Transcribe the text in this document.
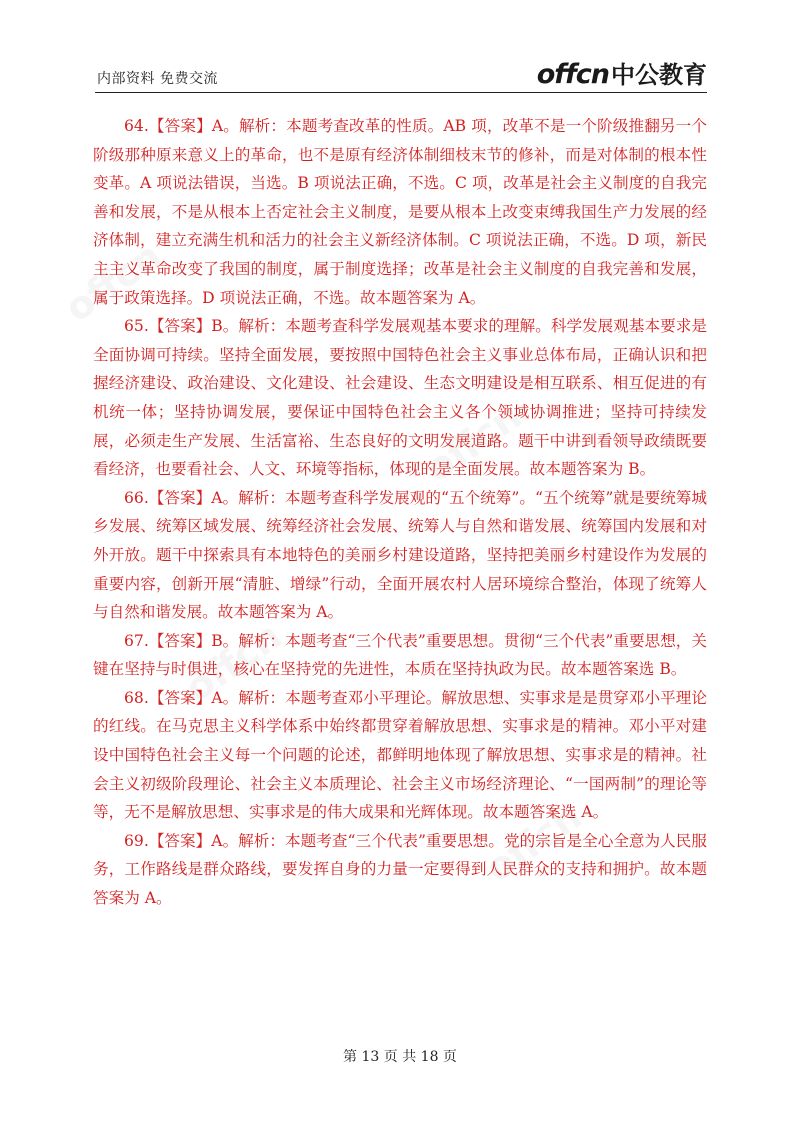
offcn
offcn
offcn
offcn
内部资料 免费交流	offcn 中公教育

64.【答案】A。解析：本题考查改革的性质。AB 项，改革不是一个阶级推翻另一个阶级那种原来意义上的革命，也不是原有经济体制细枝末节的修补，而是对体制的根本性变革。A 项说法错误，当选。B 项说法正确，不选。C 项，改革是社会主义制度的自我完善和发展，不是从根本上否定社会主义制度，是要从根本上改变束缚我国生产力发展的经济体制，建立充满生机和活力的社会主义新经济体制。C 项说法正确，不选。D 项，新民主主义革命改变了我国的制度，属于制度选择；改革是社会主义制度的自我完善和发展，属于政策选择。D 项说法正确，不选。故本题答案为 A。

65.【答案】B。解析：本题考查科学发展观基本要求的理解。科学发展观基本要求是全面协调可持续。坚持全面发展，要按照中国特色社会主义事业总体布局，正确认识和把握经济建设、政治建设、文化建设、社会建设、生态文明建设是相互联系、相互促进的有机统一体；坚持协调发展，要保证中国特色社会主义各个领域协调推进；坚持可持续发展，必须走生产发展、生活富裕、生态良好的文明发展道路。题干中讲到看领导政绩既要看经济，也要看社会、人文、环境等指标，体现的是全面发展。故本题答案为 B。

66.【答案】A。解析：本题考查科学发展观的“五个统筹”。“五个统筹”就是要统筹城乡发展、统筹区域发展、统筹经济社会发展、统筹人与自然和谐发展、统筹国内发展和对外开放。题干中探索具有本地特色的美丽乡村建设道路，坚持把美丽乡村建设作为发展的重要内容，创新开展“清脏、增绿”行动，全面开展农村人居环境综合整治，体现了统筹人与自然和谐发展。故本题答案为 A。

67.【答案】B。解析：本题考查“三个代表”重要思想。贯彻“三个代表”重要思想，关键在坚持与时俱进，核心在坚持党的先进性，本质在坚持执政为民。故本题答案选 B。

68.【答案】A。解析：本题考查邓小平理论。解放思想、实事求是是贯穿邓小平理论的红线。在马克思主义科学体系中始终都贯穿着解放思想、实事求是的精神。邓小平对建设中国特色社会主义每一个问题的论述，都鲜明地体现了解放思想、实事求是的精神。社会主义初级阶段理论、社会主义本质理论、社会主义市场经济理论、“一国两制”的理论等等，无不是解放思想、实事求是的伟大成果和光辉体现。故本题答案选 A。

69.【答案】A。解析：本题考查“三个代表”重要思想。党的宗旨是全心全意为人民服务，工作路线是群众路线，要发挥自身的力量一定要得到人民群众的支持和拥护。故本题答案为 A。

第 13 页 共 18 页
